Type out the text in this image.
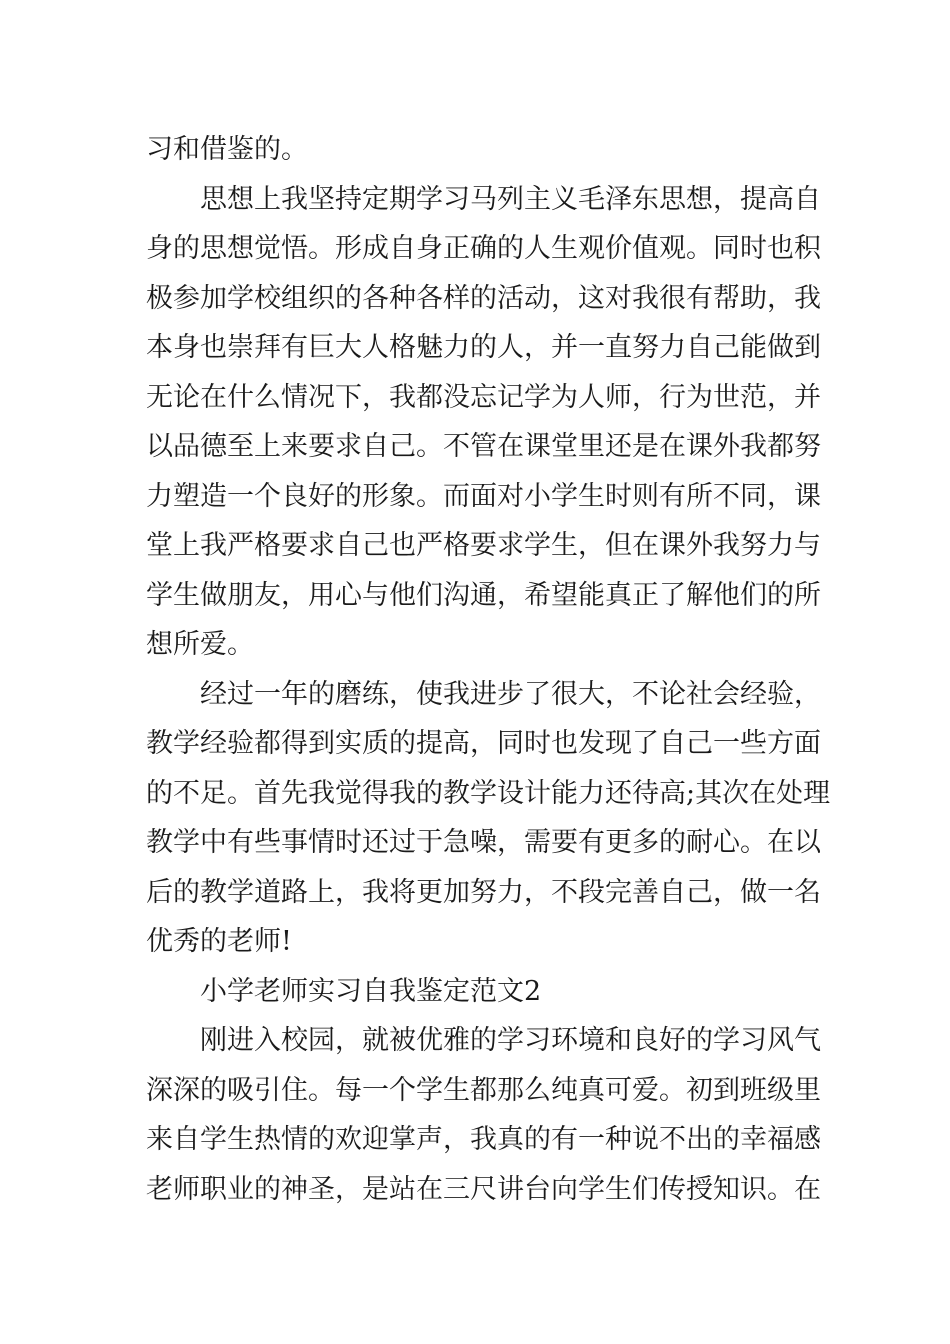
习和借鉴的。
思想上我坚持定期学习马列主义毛泽东思想，提高自
身的思想觉悟。形成自身正确的人生观价值观。同时也积
极参加学校组织的各种各样的活动，这对我很有帮助，我
本身也崇拜有巨大人格魅力的人，并一直努力自己能做到
无论在什么情况下，我都没忘记学为人师，行为世范，并
以品德至上来要求自己。不管在课堂里还是在课外我都努
力塑造一个良好的形象。而面对小学生时则有所不同，课
堂上我严格要求自己也严格要求学生，但在课外我努力与
学生做朋友，用心与他们沟通，希望能真正了解他们的所
想所爱。
经过一年的磨练，使我进步了很大，不论社会经验，
教学经验都得到实质的提高，同时也发现了自己一些方面
的不足。首先我觉得我的教学设计能力还待高;其次在处理
教学中有些事情时还过于急噪，需要有更多的耐心。在以
后的教学道路上，我将更加努力，不段完善自己，做一名
优秀的老师!
小学老师实习自我鉴定范文2
刚进入校园，就被优雅的学习环境和良好的学习风气
深深的吸引住。每一个学生都那么纯真可爱。初到班级里
来自学生热情的欢迎掌声，我真的有一种说不出的幸福感
老师职业的神圣，是站在三尺讲台向学生们传授知识。在
